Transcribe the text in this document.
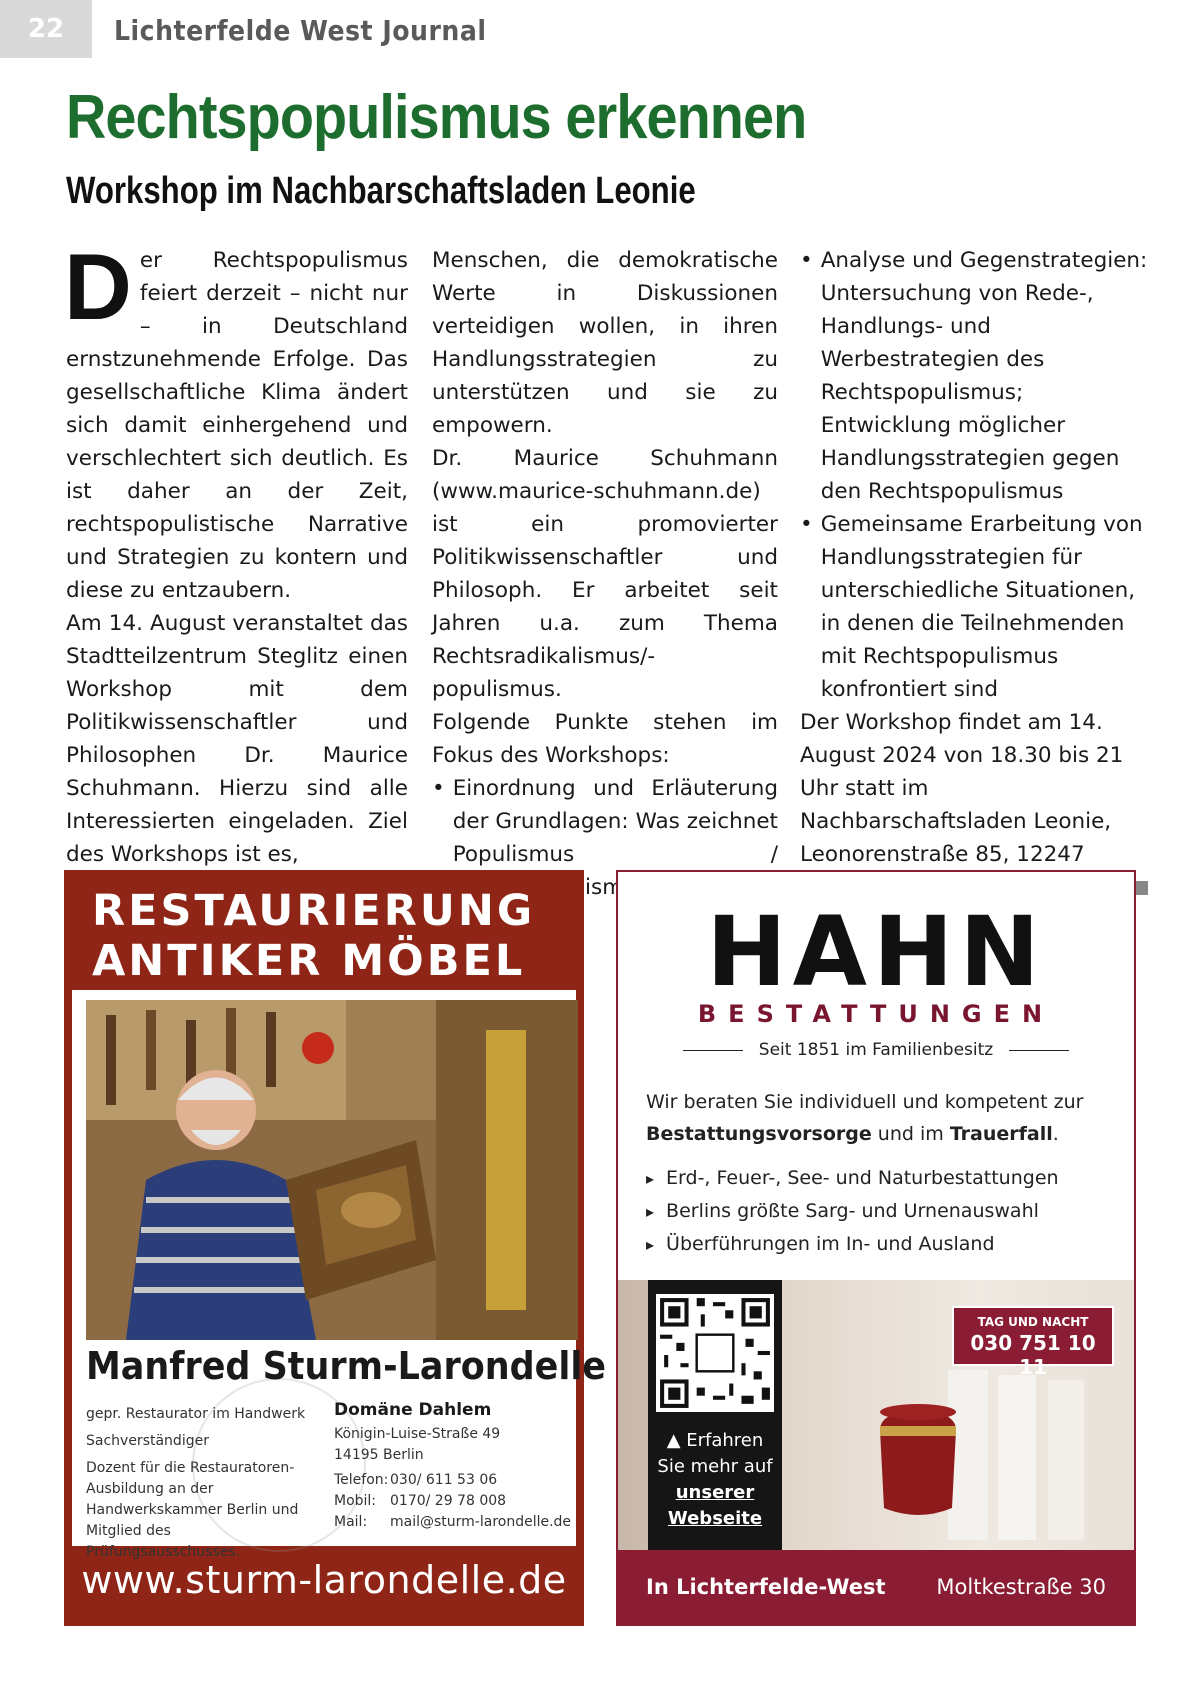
22	Lichterfelde West Journal
Rechtspopulismus erkennen
Workshop im Nachbarschaftsladen Leonie
D er Rechtspopulismus feiert derzeit – nicht nur – in Deutschland ernstzunehmende Erfolge. Das gesellschaftliche Klima ändert sich damit einhergehend und verschlechtert sich deutlich. Es ist daher an der Zeit, rechtspopulistische Narrative und Strategien zu kontern und diese zu entzaubern.

Am 14. August veranstaltet das Stadtteilzentrum Steglitz einen Workshop mit dem Politikwissenschaftler und Philosophen Dr. Maurice Schuhmann. Hierzu sind alle Interessierten eingeladen. Ziel des Workshops ist es,

Menschen, die demokratische Werte in Diskussionen verteidigen wollen, in ihren Handlungsstrategien zu unterstützen und sie zu empowern.

Dr. Maurice Schuhmann (www.maurice-schuhmann.de) ist ein promovierter Politikwissenschaftler und Philosoph. Er arbeitet seit Jahren u.a. zum Thema Rechtsradikalismus/-populismus.

Folgende Punkte stehen im Fokus des Workshops:

• Einordnung und Erläuterung der Grundlagen: Was zeichnet Populismus /
• Analyse und Gegenstrategien: Untersuchung von Rede-, Handlungs- und Werbestrategien des Rechtspopulismus; Entwicklung möglicher Handlungsstrategien gegen den Rechtspopulismus
• Gemeinsame Erarbeitung von Handlungsstrategien für unterschiedliche Situationen, in denen die Teilnehmenden mit Rechtspopulismus konfrontiert sind

Der Workshop findet am 14. August 2024 von 18.30 bis 21 Uhr statt im Nachbarschaftsladen Leonie, Leonorenstraße 85, 12247

RESTAURIERUNG
ANTIKER MÖBEL
Manfred Sturm-Larondelle
gepr. Restaurator im Handwerk
Sachverständiger
Dozent für die Restauratoren-Ausbildung an der Handwerkskammer Berlin und Mitglied des Prüfungsausschusses.
Domäne Dahlem
Königin-Luise-Straße 49
14195 Berlin
Telefon: 030/ 611 53 06
Mobil: 0170/ 29 78 008
Mail:	mail@sturm-larondelle.de
www.sturm-larondelle.de
HAHN
BESTATTUNGEN
Seit 1851 im Familienbesitz
Wir beraten Sie individuell und kompetent zur Bestattungsvorsorge und im Trauerfall.
▸ Erd-, Feuer-, See- und Naturbestattungen
▸ Berlins größte Sarg- und Urnenauswahl
▸ Überführungen im In- und Ausland
▲ Erfahren
Sie mehr auf
unserer
Webseite
TAG UND NACHT
030 751 10 11
In Lichterfelde-West Moltkestraße 30
